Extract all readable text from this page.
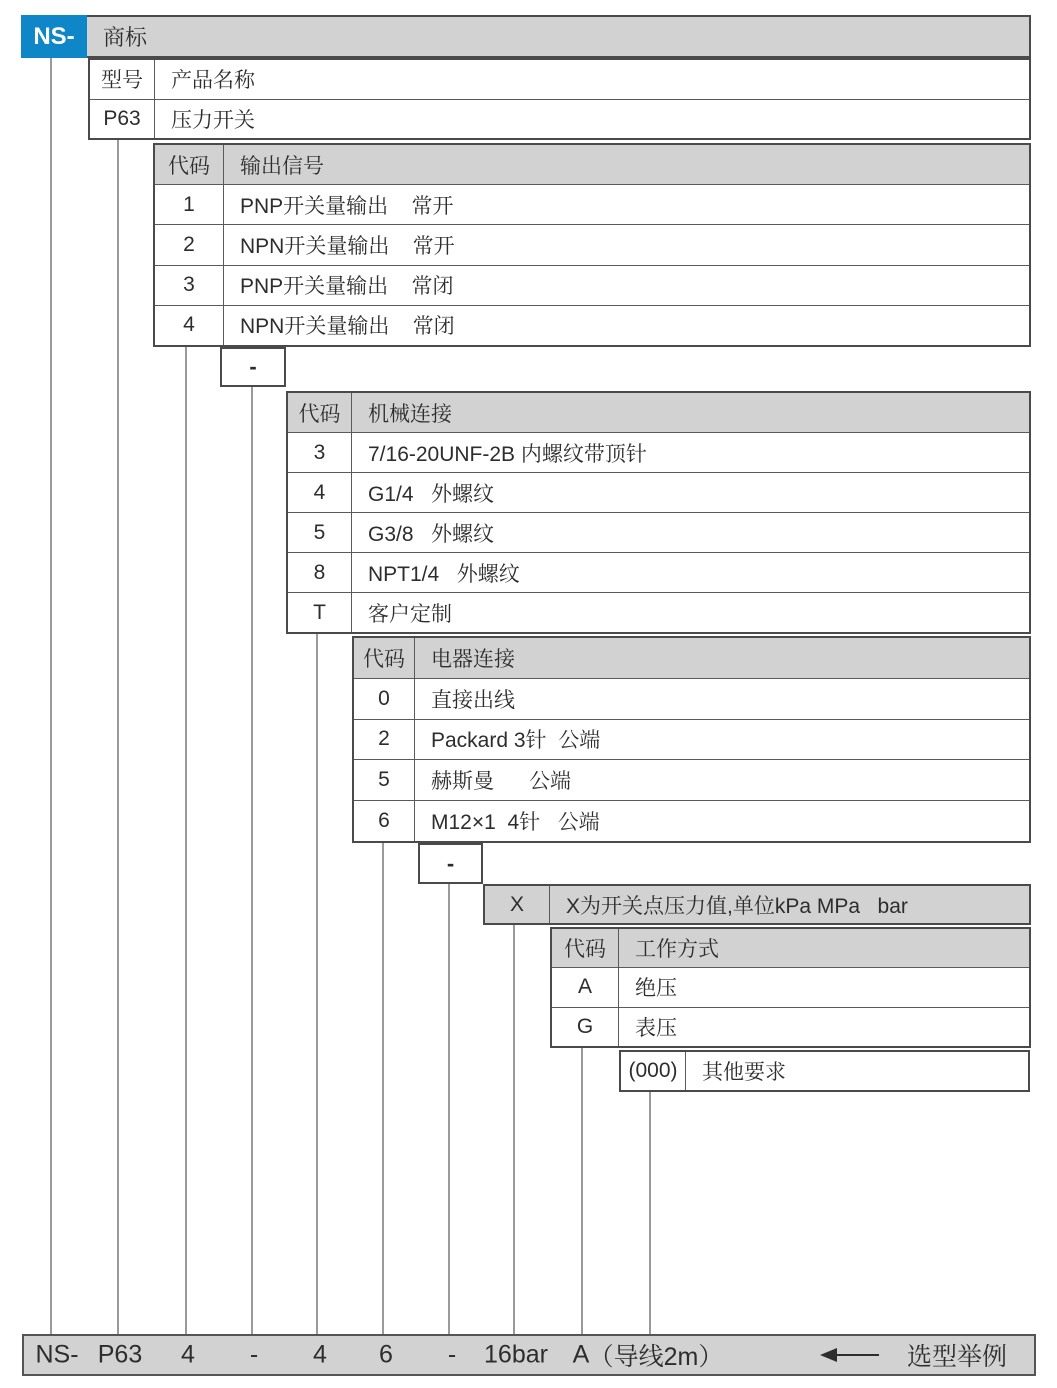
商标
NS-
型号	产品名称
P63	压力开关
代码	输出信号
1	PNP开关量输出    常开
2	NPN开关量输出    常开
3	PNP开关量输出    常闭
4	NPN开关量输出    常闭
-
代码	机械连接
3	7/16-20UNF-2B 内螺纹带顶针
4	G1/4   外螺纹
5	G3/8   外螺纹
8	NPT1/4   外螺纹
T	客户定制
代码	电器连接
0	直接出线
2	Packard 3针  公端
5	赫斯曼      公端
6	M12×1  4针   公端
-
X	X为开关点压力值,单位kPa MPa   bar
代码	工作方式
A	绝压
G	表压
(000)	其他要求
NS- P63 4 - 4 6 - 16bar A （导线2m）	选型举例
